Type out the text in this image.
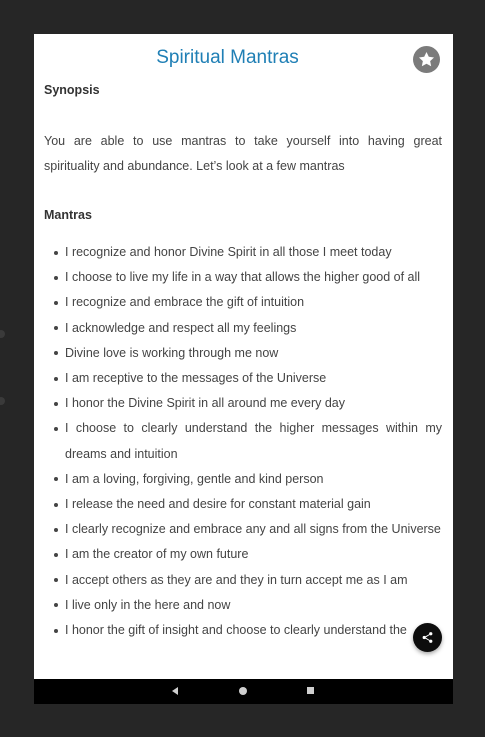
Spiritual Mantras
Synopsis

You are able to use mantras to take yourself into having great spirituality and abundance. Let’s look at a few mantras

Mantras
I recognize and honor Divine Spirit in all those I meet today
I choose to live my life in a way that allows the higher good of all
I recognize and embrace the gift of intuition
I acknowledge and respect all my feelings
Divine love is working through me now
I am receptive to the messages of the Universe
I honor the Divine Spirit in all around me every day
I choose to clearly understand the higher messages within my dreams and intuition
I am a loving, forgiving, gentle and kind person
I release the need and desire for constant material gain
I clearly recognize and embrace any and all signs from the Universe
I am the creator of my own future
I accept others as they are and they in turn accept me as I am
I live only in the here and now
I honor the gift of insight and choose to clearly understand the
